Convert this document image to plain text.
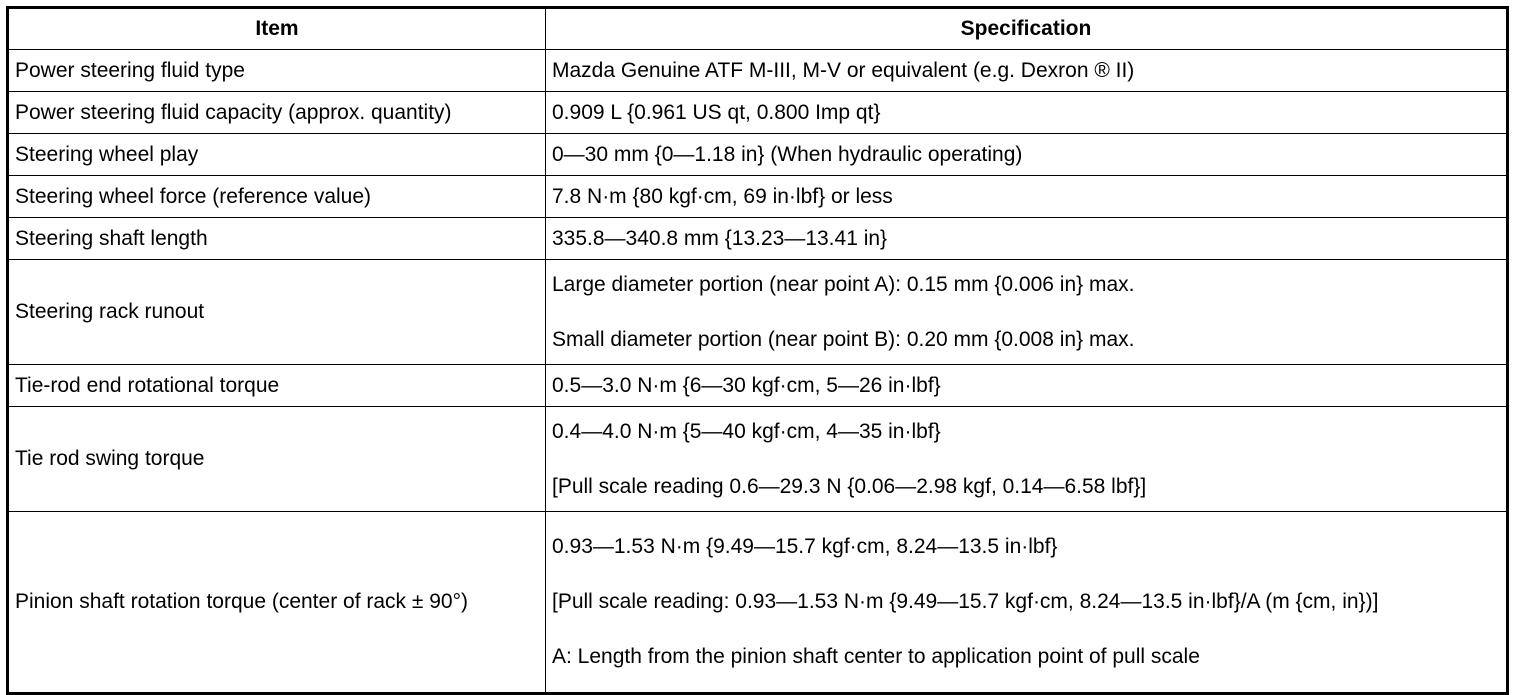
Item	Specification
Power steering fluid type	Mazda Genuine ATF M-III, M-V or equivalent (e.g. Dexron ® II)

Power steering fluid capacity (approx. quantity)	0.909 L {0.961 US qt, 0.800 Imp qt}

Steering wheel play	0—30 mm {0—1.18 in} (When hydraulic operating)

Steering wheel force (reference value)	7.8 N·m {80 kgf·cm, 69 in·lbf} or less

Steering shaft length	335.8—340.8 mm {13.23—13.41 in}

Steering rack runout	Large diameter portion (near point A): 0.15 mm {0.006 in} max.

Small diameter portion (near point B): 0.20 mm {0.008 in} max.

Tie-rod end rotational torque	0.5—3.0 N·m {6—30 kgf·cm, 5—26 in·lbf}

Tie rod swing torque	0.4—4.0 N·m {5—40 kgf·cm, 4—35 in·lbf}

[Pull scale reading 0.6—29.3 N {0.06—2.98 kgf, 0.14—6.58 lbf}]

Pinion shaft rotation torque (center of rack ± 90°)	0.93—1.53 N·m {9.49—15.7 kgf·cm, 8.24—13.5 in·lbf}

[Pull scale reading: 0.93—1.53 N·m {9.49—15.7 kgf·cm, 8.24—13.5 in·lbf}/A (m {cm, in})]

A: Length from the pinion shaft center to application point of pull scale
